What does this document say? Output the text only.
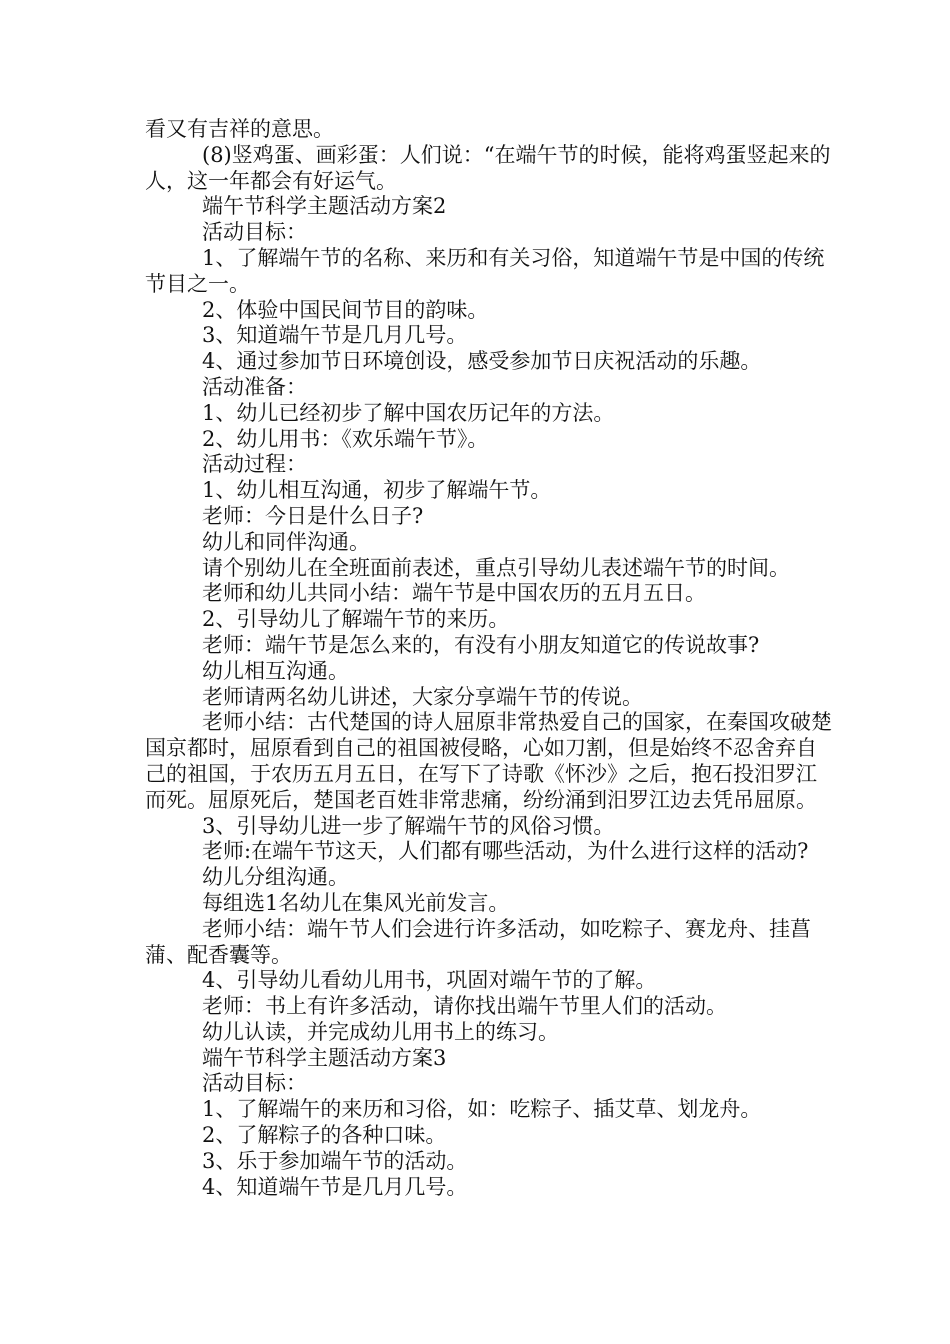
看又有吉祥的意思。

(8)竖鸡蛋、画彩蛋：人们说：“在端午节的时候，能将鸡蛋竖起来的人，这一年都会有好运气。

端午节科学主题活动方案2

活动目标：

1、了解端午节的名称、来历和有关习俗，知道端午节是中国的传统节目之一。

2、体验中国民间节目的韵味。

3、知道端午节是几月几号。

4、通过参加节日环境创设，感受参加节日庆祝活动的乐趣。

活动准备：

1、幼儿已经初步了解中国农历记年的方法。

2、幼儿用书：《欢乐端午节》。

活动过程：

1、幼儿相互沟通，初步了解端午节。

老师：今日是什么日子?

幼儿和同伴沟通。

请个别幼儿在全班面前表述，重点引导幼儿表述端午节的时间。

老师和幼儿共同小结：端午节是中国农历的五月五日。

2、引导幼儿了解端午节的来历。

老师：端午节是怎么来的，有没有小朋友知道它的传说故事?

幼儿相互沟通。

老师请两名幼儿讲述，大家分享端午节的传说。

老师小结：古代楚国的诗人屈原非常热爱自己的国家，在秦国攻破楚国京都时，屈原看到自己的祖国被侵略，心如刀割，但是始终不忍舍弃自己的祖国，于农历五月五日，在写下了诗歌《怀沙》之后，抱石投汨罗江而死。屈原死后，楚国老百姓非常悲痛，纷纷涌到汨罗江边去凭吊屈原。

3、引导幼儿进一步了解端午节的风俗习惯。

老师:在端午节这天，人们都有哪些活动，为什么进行这样的活动?

幼儿分组沟通。

每组选1名幼儿在集风光前发言。

老师小结：端午节人们会进行许多活动，如吃粽子、赛龙舟、挂菖蒲、配香囊等。

4、引导幼儿看幼儿用书，巩固对端午节的了解。

老师：书上有许多活动，请你找出端午节里人们的活动。

幼儿认读，并完成幼儿用书上的练习。

端午节科学主题活动方案3

活动目标：

1、了解端午的来历和习俗，如：吃粽子、插艾草、划龙舟。

2、了解粽子的各种口味。

3、乐于参加端午节的活动。

4、知道端午节是几月几号。
